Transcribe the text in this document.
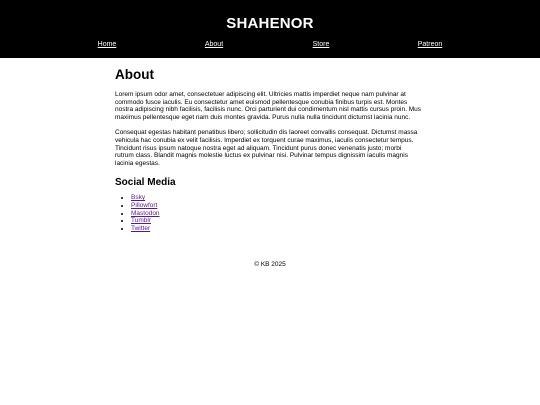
SHAHENOR
Home	About	Store	Patreon
About

Lorem ipsum odor amet, consectetuer adipiscing elit. Ultricies mattis imperdiet neque nam pulvinar at commodo fusce iaculis. Eu consectetur amet euismod pellentesque conubia finibus turpis est. Montes nostra adipiscing nibh facilisis, facilisis nunc. Orci parturient dui condimentum nisl mattis cursus proin. Mus maximus pellentesque eget nam duis montes gravida. Purus nulla nulla tincidunt dictumst lacinia nunc.

Consequat egestas habitant penatibus libero; sollicitudin dis laoreet convallis consequat. Dictumst massa vehicula hac conubia ex velit facilisis. Imperdiet ex torquent curae maximus, iaculis consectetur tempus. Tincidunt risus ipsum natoque nostra eget ad aliquam. Tincidunt purus donec venenatis justo; morbi rutrum class. Blandit magnis molestie luctus ex pulvinar nisi. Pulvinar tempus dignissim iaculis magnis lacinia egestas.

Social Media
• Bsky
• Pillowfort
• Mastodon
• Tumblr
• Twitter
© KB 2025
